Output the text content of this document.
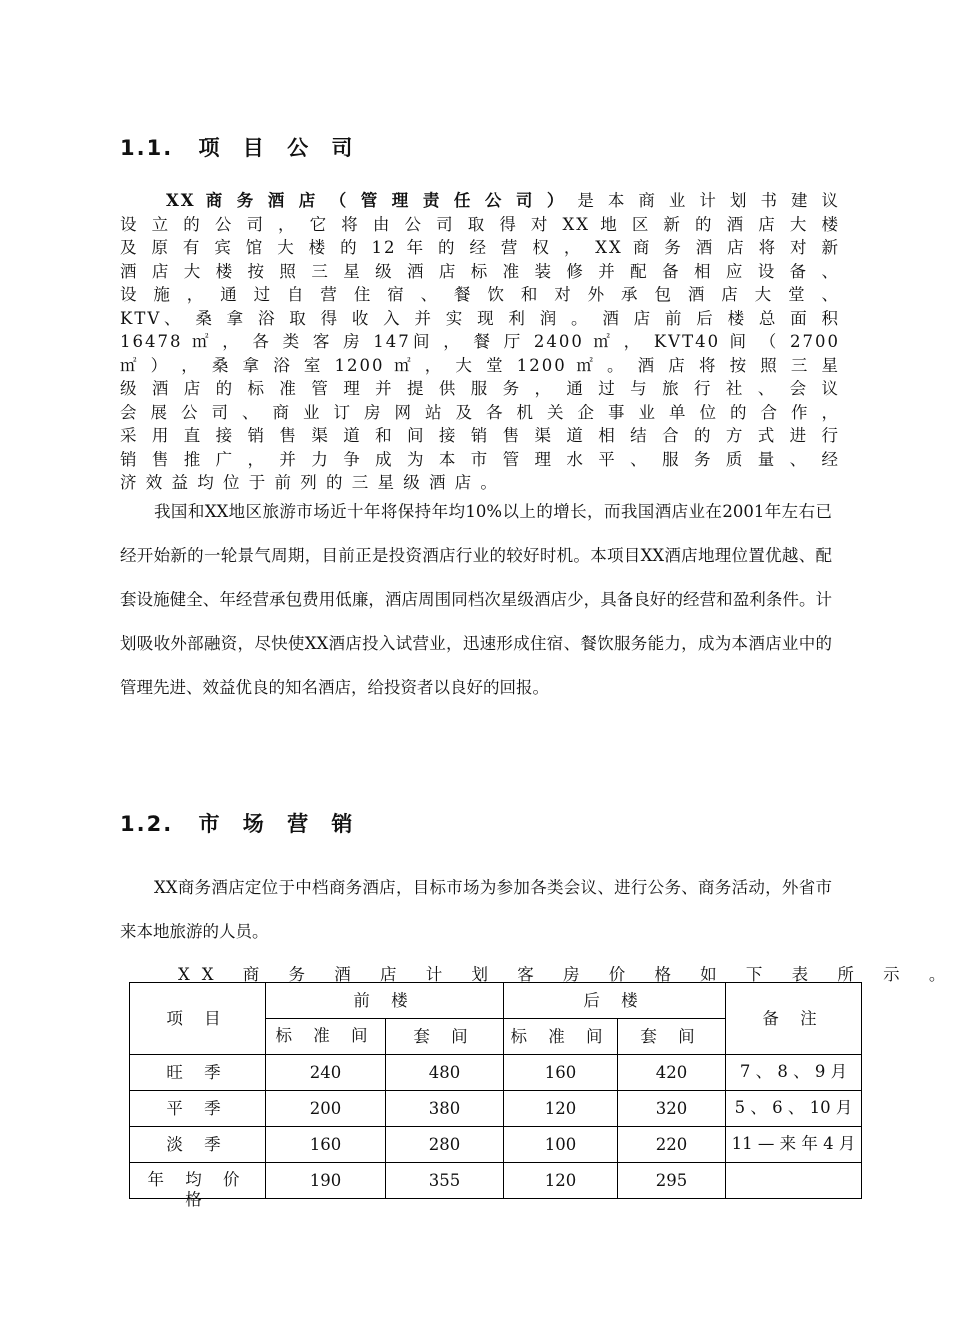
1.1. 项 目 公 司
XX 商 务 酒 店 （ 管 理 责 任 公 司 ） 是 本 商 业 计 划 书 建 议
设 立 的 公 司 ， 它 将 由 公 司 取 得 对 XX 地 区 新 的 酒 店 大 楼
及 原 有 宾 馆 大 楼 的 12 年 的 经 营 权 ， XX 商 务 酒 店 将 对 新
酒 店 大 楼 按 照 三 星 级 酒 店 标 准 装 修 并 配 备 相 应 设 备 、
设 施 ， 通 过 自 营 住 宿 、 餐 饮 和 对 外 承 包 酒 店 大 堂 、
KTV、 桑 拿 浴 取 得 收 入 并 实 现 利 润 。 酒 店 前 后 楼 总 面 积
16478 ㎡ ， 各 类 客 房 147间 ， 餐 厅 2400 ㎡ ， KVT40 间 （ 2700
㎡ ） ， 桑 拿 浴 室 1200 ㎡ ， 大 堂 1200 ㎡ 。 酒 店 将 按 照 三 星
级 酒 店 的 标 准 管 理 并 提 供 服 务 ， 通 过 与 旅 行 社 、 会 议
会 展 公 司 、 商 业 订 房 网 站 及 各 机 关 企 事 业 单 位 的 合 作 ，
采 用 直 接 销 售 渠 道 和 间 接 销 售 渠 道 相 结 合 的 方 式 进 行
销 售 推 广 ， 并 力 争 成 为 本 市 管 理 水 平 、 服 务 质 量 、 经
济 效 益 均 位 于 前 列 的 三 星 级 酒 店 。

我国和XX地区旅游市场近十年将保持年均10%以上的增长，而我国酒店业在2001年左右已经开始新的一轮景气周期，目前正是投资酒店行业的较好时机。本项目XX酒店地理位置优越、配套设施健全、年经营承包费用低廉，酒店周围同档次星级酒店少，具备良好的经营和盈利条件。计划吸收外部融资，尽快使XX酒店投入试营业，迅速形成住宿、餐饮服务能力，成为本酒店业中的管理先进、效益优良的知名酒店，给投资者以良好的回报。

1.2. 市 场 营 销

XX商务酒店定位于中档商务酒店，目标市场为参加各类会议、进行公务、商务活动，外省市来本地旅游的人员。

XX 商 务 酒 店 计 划 客 房 价 格 如 下 表 所 示 。

项 目	前 楼		后 楼		备 注

	标 准 间	套 间	标 准 间	套 间	
旺 季	240	480	160	420	7 、 8 、 9 月

平 季	200	380	120	320	5 、 6 、 10 月

淡 季	160	280	100	220	11 — 来 年 4 月

年 均 价 格	190	355	120	295	
